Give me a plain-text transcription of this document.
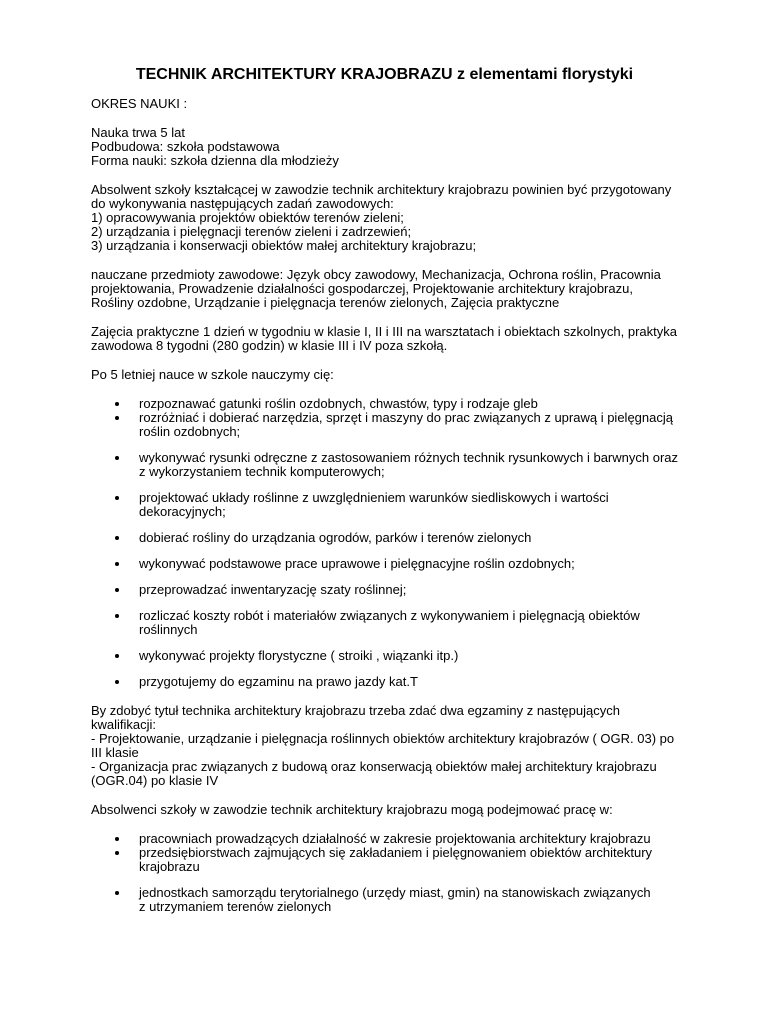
TECHNIK ARCHITEKTURY KRAJOBRAZU z elementami florystyki

OKRES NAUKI :

Nauka trwa 5 lat
Podbudowa: szkoła podstawowa
Forma nauki: szkoła dzienna dla młodzieży

Absolwent szkoły kształcącej w zawodzie technik architektury krajobrazu powinien być przygotowany
do wykonywania następujących zadań zawodowych:
1) opracowywania projektów obiektów terenów zieleni;
2) urządzania i pielęgnacji terenów zieleni i zadrzewień;
3) urządzania i konserwacji obiektów małej architektury krajobrazu;

nauczane przedmioty zawodowe: Język obcy zawodowy, Mechanizacja, Ochrona roślin, Pracownia
projektowania, Prowadzenie działalności gospodarczej, Projektowanie architektury krajobrazu,
Rośliny ozdobne, Urządzanie i pielęgnacja terenów zielonych, Zajęcia praktyczne

Zajęcia praktyczne 1 dzień w tygodniu w klasie I, II i III na warsztatach i obiektach szkolnych, praktyka
zawodowa 8 tygodni (280 godzin) w klasie III i IV poza szkołą.

Po 5 letniej nauce w szkole nauczymy cię:

rozpoznawać gatunki roślin ozdobnych, chwastów, typy i rodzaje gleb
rozróżniać i dobierać narzędzia, sprzęt i maszyny do prac związanych z uprawą i pielęgnacją
roślin ozdobnych;
wykonywać rysunki odręczne z zastosowaniem różnych technik rysunkowych i barwnych oraz
z wykorzystaniem technik komputerowych;
projektować układy roślinne z uwzględnieniem warunków siedliskowych i wartości
dekoracyjnych;
dobierać rośliny do urządzania ogrodów, parków i terenów zielonych
wykonywać podstawowe prace uprawowe i pielęgnacyjne roślin ozdobnych;
przeprowadzać inwentaryzację szaty roślinnej;
rozliczać koszty robót i materiałów związanych z wykonywaniem i pielęgnacją obiektów
roślinnych
wykonywać projekty florystyczne ( stroiki , wiązanki itp.)
przygotujemy do egzaminu na prawo jazdy kat.T

By zdobyć tytuł technika architektury krajobrazu trzeba zdać dwa egzaminy z następujących
kwalifikacji:
- Projektowanie, urządzanie i pielęgnacja roślinnych obiektów architektury krajobrazów ( OGR. 03) po
III klasie
- Organizacja prac związanych z budową oraz konserwacją obiektów małej architektury krajobrazu
(OGR.04) po klasie IV

Absolwenci szkoły w zawodzie technik architektury krajobrazu mogą podejmować pracę w:

pracowniach prowadzących działalność w zakresie projektowania architektury krajobrazu
przedsiębiorstwach zajmujących się zakładaniem i pielęgnowaniem obiektów architektury
krajobrazu
jednostkach samorządu terytorialnego (urzędy miast, gmin) na stanowiskach związanych
z utrzymaniem terenów zielonych
